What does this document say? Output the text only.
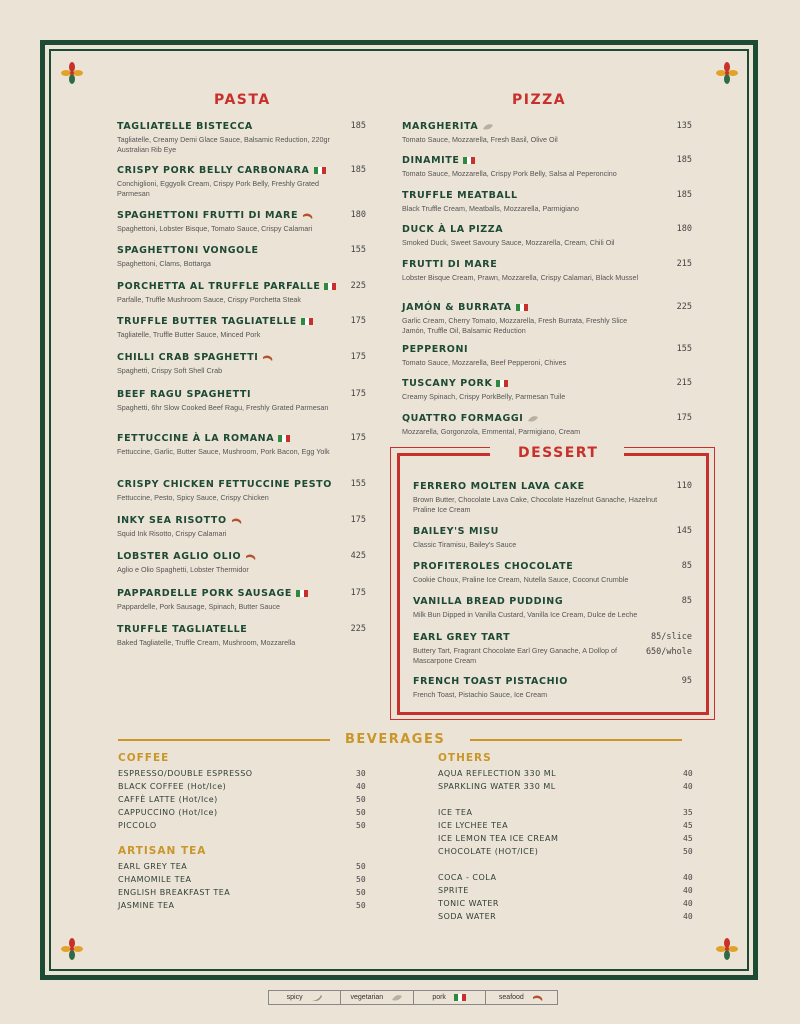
PASTA	PIZZA
TAGLIATELLE BISTECCA
Tagliatelle, Creamy Demi Glace Sauce, Balsamic Reduction, 220gr Australian Rib Eye
185
CRISPY PORK BELLY CARBONARA
Conchiglioni, Eggyolk Cream, Crispy Pork Belly, Freshly Grated Parmesan
185
SPAGHETTONI FRUTTI DI MARE
Spaghettoni, Lobster Bisque, Tomato Sauce, Crispy Calamari
180
SPAGHETTONI VONGOLE
Spaghettoni, Clams, Bottarga
155
PORCHETTA AL TRUFFLE PARFALLE
Parfalle, Truffle Mushroom Sauce, Crispy Porchetta Steak
225
TRUFFLE BUTTER TAGLIATELLE
Tagliatelle, Truffle Butter Sauce, Minced Pork
175
CHILLI CRAB SPAGHETTI
Spaghetti, Crispy Soft Shell Crab
175
BEEF RAGU SPAGHETTI
Spaghetti, 6hr Slow Cooked Beef Ragu, Freshly Grated Parmesan
175
FETTUCCINE À LA ROMANA
Fettuccine, Garlic, Butter Sauce, Mushroom, Pork Bacon, Egg Yolk
175
CRISPY CHICKEN FETTUCCINE PESTO
Fettuccine, Pesto, Spicy Sauce, Crispy Chicken
155
INKY SEA RISOTTO
Squid Ink Risotto, Crispy Calamari
175
LOBSTER AGLIO OLIO
Aglio e Olio Spaghetti, Lobster Thermidor
425
PAPPARDELLE PORK SAUSAGE
Pappardelle, Pork Sausage, Spinach, Butter Sauce
175
TRUFFLE TAGLIATELLE
Baked Tagliatelle, Truffle Cream, Mushroom, Mozzarella
225
MARGHERITA
Tomato Sauce, Mozzarella, Fresh Basil, Olive Oil
135
DINAMITE
Tomato Sauce, Mozzarella, Crispy Pork Belly, Salsa al Peperoncino
185
TRUFFLE MEATBALL
Black Truffle Cream, Meatballs, Mozzarella, Parmigiano
185
DUCK À LA PIZZA
Smoked Duck, Sweet Savoury Sauce, Mozzarella, Cream, Chili Oil
180
FRUTTI DI MARE
Lobster Bisque Cream, Prawn, Mozzarella, Crispy Calamari, Black Mussel
215
JAMÓN & BURRATA
Garlic Cream, Cherry Tomato, Mozzarella, Fresh Burrata, Freshly Slice Jamón, Truffle Oil, Balsamic Reduction
225
PEPPERONI
Tomato Sauce, Mozzarella, Beef Pepperoni, Chives
155
TUSCANY PORK
Creamy Spinach, Crispy PorkBelly, Parmesan Tuile
215
QUATTRO FORMAGGI
Mozzarella, Gorgonzola, Emmental, Parmigiano, Cream
175
DESSERT
FERRERO MOLTEN LAVA CAKE
Brown Butter, Chocolate Lava Cake, Chocolate Hazelnut Ganache, Hazelnut Praline Ice Cream
110
BAILEY'S MISU
Classic Tiramisu, Bailey's Sauce
145
PROFITEROLES CHOCOLATE
Cookie Choux, Praline Ice Cream, Nutella Sauce, Coconut Crumble
85
VANILLA BREAD PUDDING
Milk Bun Dipped in Vanilla Custard, Vanilla Ice Cream, Dulce de Leche
85
EARL GREY TART
Buttery Tart, Fragrant Chocolate Earl Grey Ganache, A Dollop of Mascarpone Cream
85/slice
650/whole
FRENCH TOAST PISTACHIO
French Toast, Pistachio Sauce, Ice Cream
95
BEVERAGES
COFFEE
ARTISAN TEA
OTHERS
ESPRESSO/DOUBLE ESPRESSO	30
BLACK COFFEE (Hot/Ice)	40
CAFFÈ LATTE (Hot/Ice)	50
CAPPUCCINO (Hot/Ice)	50
PICCOLO	50
EARL GREY TEA	50
CHAMOMILE TEA	50
ENGLISH BREAKFAST TEA	50
JASMINE TEA	50
AQUA REFLECTION 330 ML	40
SPARKLING WATER 330 ML	40
ICE TEA	35
ICE LYCHEE TEA	45
ICE LEMON TEA ICE CREAM	45
CHOCOLATE (HOT/ICE)	50
COCA - COLA	40
SPRITE	40
TONIC WATER	40
SODA WATER	40
spicy	vegetarian	pork	seafood
